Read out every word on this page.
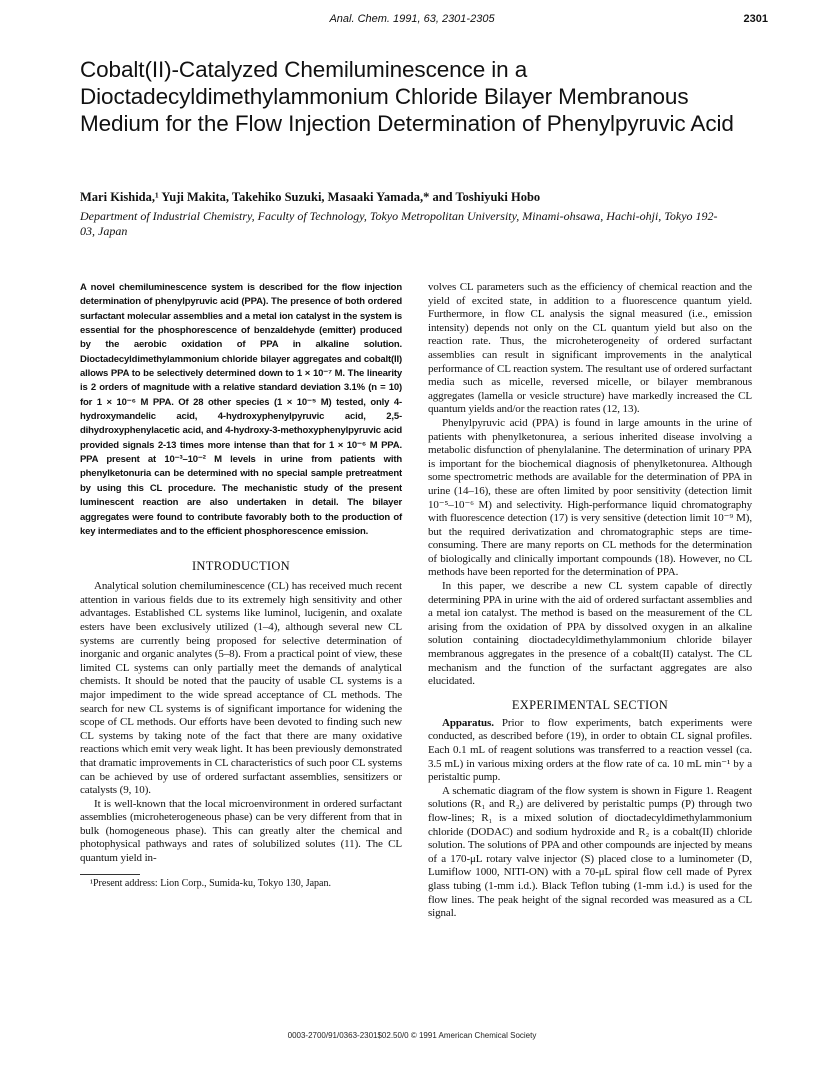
Anal. Chem. 1991, 63, 2301-2305	2301
Cobalt(II)-Catalyzed Chemiluminescence in a Dioctadecyldimethylammonium Chloride Bilayer Membranous Medium for the Flow Injection Determination of Phenylpyruvic Acid
Mari Kishida,¹ Yuji Makita, Takehiko Suzuki, Masaaki Yamada,* and Toshiyuki Hobo
Department of Industrial Chemistry, Faculty of Technology, Tokyo Metropolitan University, Minami-ohsawa, Hachi-ohji, Tokyo 192-03, Japan

A novel chemiluminescence system is described for the flow injection determination of phenylpyruvic acid (PPA). The presence of both ordered surfactant molecular assemblies and a metal ion catalyst in the system is essential for the phosphorescence of benzaldehyde (emitter) produced by the aerobic oxidation of PPA in alkaline solution. Dioctadecyldimethylammonium chloride bilayer aggregates and cobalt(II) allows PPA to be selectively determined down to 1 × 10⁻⁷ M. The linearity is 2 orders of magnitude with a relative standard deviation 3.1% (n = 10) for 1 × 10⁻⁶ M PPA. Of 28 other species (1 × 10⁻⁵ M) tested, only 4-hydroxymandelic acid, 4-hydroxyphenylpyruvic acid, 2,5-dihydroxyphenylacetic acid, and 4-hydroxy-3-methoxyphenylpyruvic acid provided signals 2-13 times more intense than that for 1 × 10⁻⁶ M PPA. PPA present at 10⁻³–10⁻² M levels in urine from patients with phenylketonuria can be determined with no special sample pretreatment by using this CL procedure. The mechanistic study of the present luminescent reaction are also undertaken in detail. The bilayer aggregates were found to contribute favorably both to the production of key intermediates and to the efficient phosphorescence emission.

INTRODUCTION

Analytical solution chemiluminescence (CL) has received much recent attention in various fields due to its extremely high sensitivity and other advantages. Established CL systems like luminol, lucigenin, and oxalate esters have been exclusively utilized (1–4), although several new CL systems are currently being proposed for selective determination of inorganic and organic analytes (5–8). From a practical point of view, these limited CL systems can only partially meet the demands of analytical chemists. It should be noted that the paucity of usable CL systems is a major impediment to the wide spread acceptance of CL methods. The search for new CL systems is of significant importance for widening the scope of CL methods. Our efforts have been devoted to finding such new CL systems by taking note of the fact that there are many oxidative reactions which emit very weak light. It has been previously demonstrated that dramatic improvements in CL characteristics of such poor CL systems can be achieved by use of ordered surfactant assemblies, sensitizers or catalysts (9, 10).

It is well-known that the local microenvironment in ordered surfactant assemblies (microheterogeneous phase) can be very different from that in bulk (homogeneous phase). This can greatly alter the chemical and photophysical pathways and rates of solubilized solutes (11). The CL quantum yield in-

¹Present address: Lion Corp., Sumida-ku, Tokyo 130, Japan.

volves CL parameters such as the efficiency of chemical reaction and the yield of excited state, in addition to a fluorescence quantum yield. Furthermore, in flow CL analysis the signal measured (i.e., emission intensity) depends not only on the CL quantum yield but also on the reaction rate. Thus, the microheterogeneity of ordered surfactant assemblies can result in significant improvements in the analytical performance of CL reaction system. The resultant use of ordered surfactant media such as micelle, reversed micelle, or bilayer membranous aggregates (lamella or vesicle structure) have markedly increased the CL quantum yields and/or the reaction rates (12, 13).

Phenylpyruvic acid (PPA) is found in large amounts in the urine of patients with phenylketonurea, a serious inherited disease involving a metabolic disfunction of phenylalanine. The determination of urinary PPA is important for the biochemical diagnosis of phenylketonurea. Although some spectrometric methods are available for the determination of PPA in urine (14–16), these are often limited by poor sensitivity (detection limit 10⁻⁵–10⁻⁶ M) and selectivity. High-performance liquid chromatography with fluorescence detection (17) is very sensitive (detection limit 10⁻⁹ M), but the required derivatization and chromatographic steps are time-consuming. There are many reports on CL methods for the determination of biologically and clinically important compounds (18). However, no CL methods have been reported for the determination of PPA.

In this paper, we describe a new CL system capable of directly determining PPA in urine with the aid of ordered surfactant assemblies and a metal ion catalyst. The method is based on the measurement of the CL arising from the oxidation of PPA by dissolved oxygen in an alkaline solution containing dioctadecyldimethylammonium chloride bilayer membranous aggregates in the presence of a cobalt(II) catalyst. The CL mechanism and the function of the surfactant aggregates are also elucidated.

EXPERIMENTAL SECTION

Apparatus. Prior to flow experiments, batch experiments were conducted, as described before (19), in order to obtain CL signal profiles. Each 0.1 mL of reagent solutions was transferred to a reaction vessel (ca. 3.5 mL) in various mixing orders at the flow rate of ca. 10 mL min⁻¹ by a peristaltic pump.

A schematic diagram of the flow system is shown in Figure 1. Reagent solutions (R₁ and R₂) are delivered by peristaltic pumps (P) through two flow-lines; R₁ is a mixed solution of dioctadecyldimethylammonium chloride (DODAC) and sodium hydroxide and R₂ is a cobalt(II) chloride solution. The solutions of PPA and other compounds are injected by means of a 170-μL rotary valve injector (S) placed close to a luminometer (D, Lumiflow 1000, NITI-ON) with a 70-μL spiral flow cell made of Pyrex glass tubing (1-mm i.d.). Black Teflon tubing (1-mm i.d.) is used for the flow lines. The peak height of the signal recorded was measured as a CL signal.

0003-2700/91/0363-2301$02.50/0 © 1991 American Chemical Society
